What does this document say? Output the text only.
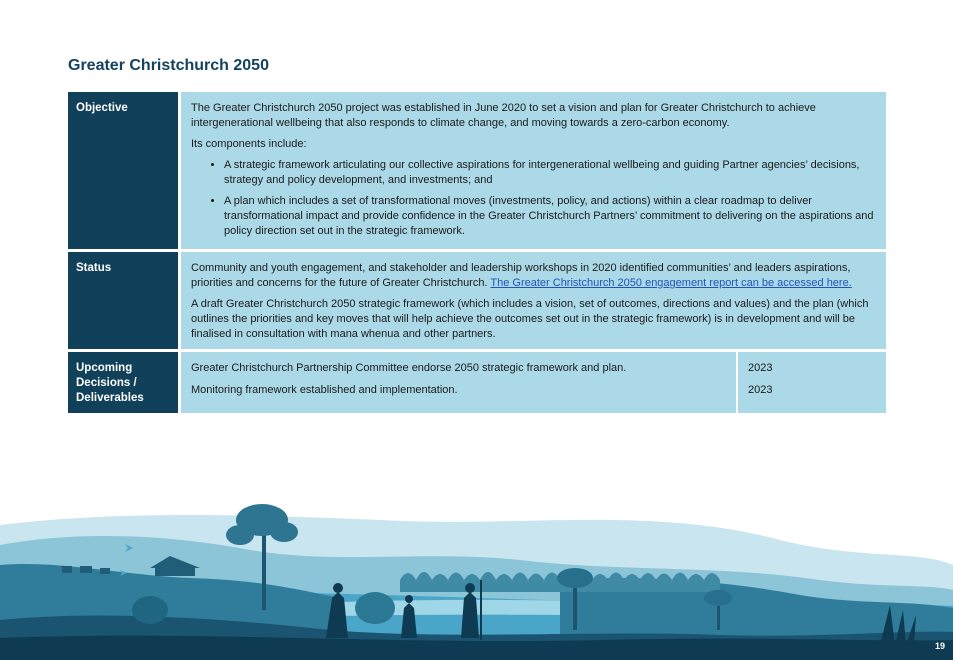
Greater Christchurch 2050
Objective	The Greater Christchurch 2050 project was established in June 2020 to set a vision and plan for Greater Christchurch to achieve intergenerational wellbeing that also responds to climate change, and moving towards a zero-carbon economy.

Its components include:

• A strategic framework articulating our collective aspirations for intergenerational wellbeing and guiding Partner agencies’ decisions, strategy and policy development, and investments; and
• A plan which includes a set of transformational moves (investments, policy, and actions) within a clear roadmap to deliver transformational impact and provide confidence in the Greater Christchurch Partners’ commitment to delivering on the aspirations and policy direction set out in the strategic framework.
Status	Community and youth engagement, and stakeholder and leadership workshops in 2020 identified communities’ and leaders aspirations, priorities and concerns for the future of Greater Christchurch. The Greater Christchurch 2050 engagement report can be accessed here.

A draft Greater Christchurch 2050 strategic framework (which includes a vision, set of outcomes, directions and values) and the plan (which outlines the priorities and key moves that will help achieve the outcomes set out in the strategic framework) is in development and will be finalised in consultation with mana whenua and other partners.

Upcoming Decisions / Deliverables
Greater Christchurch Partnership Committee endorse 2050 strategic framework and plan.
Monitoring framework established and implementation.
2023
2023
19
